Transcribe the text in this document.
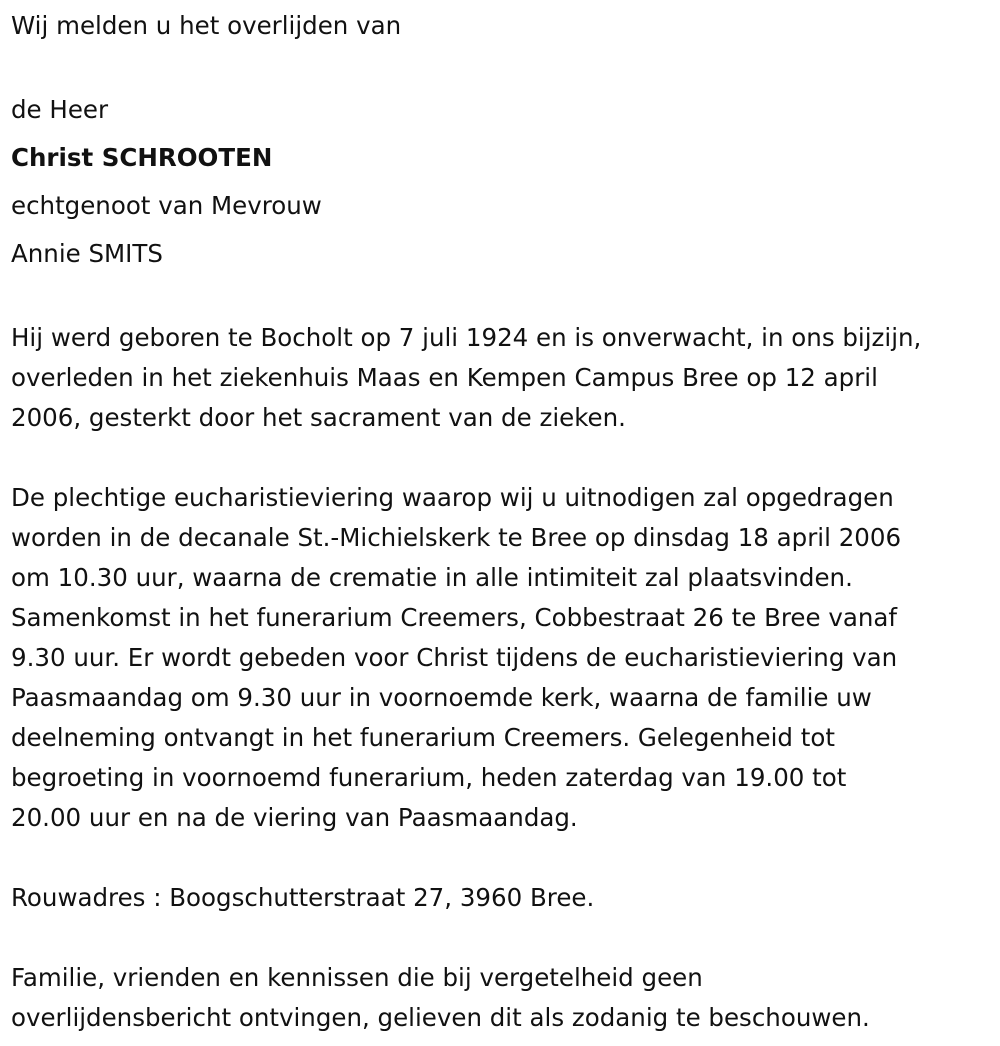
Wij melden u het overlijden van
de Heer
Christ SCHROOTEN
echtgenoot van Mevrouw
Annie SMITS
Hij werd geboren te Bocholt op 7 juli 1924 en is onverwacht, in ons bijzijn,
overleden in het ziekenhuis Maas en Kempen Campus Bree op 12 april
2006, gesterkt door het sacrament van de zieken.
De plechtige eucharistieviering waarop wij u uitnodigen zal opgedragen
worden in de decanale St.-Michielskerk te Bree op dinsdag 18 april 2006
om 10.30 uur, waarna de crematie in alle intimiteit zal plaatsvinden.
Samenkomst in het funerarium Creemers, Cobbestraat 26 te Bree vanaf
9.30 uur. Er wordt gebeden voor Christ tijdens de eucharistieviering van
Paasmaandag om 9.30 uur in voornoemde kerk, waarna de familie uw
deelneming ontvangt in het funerarium Creemers. Gelegenheid tot
begroeting in voornoemd funerarium, heden zaterdag van 19.00 tot
20.00 uur en na de viering van Paasmaandag.
Rouwadres : Boogschutterstraat 27, 3960 Bree.
Familie, vrienden en kennissen die bij vergetelheid geen
overlijdensbericht ontvingen, gelieven dit als zodanig te beschouwen.
